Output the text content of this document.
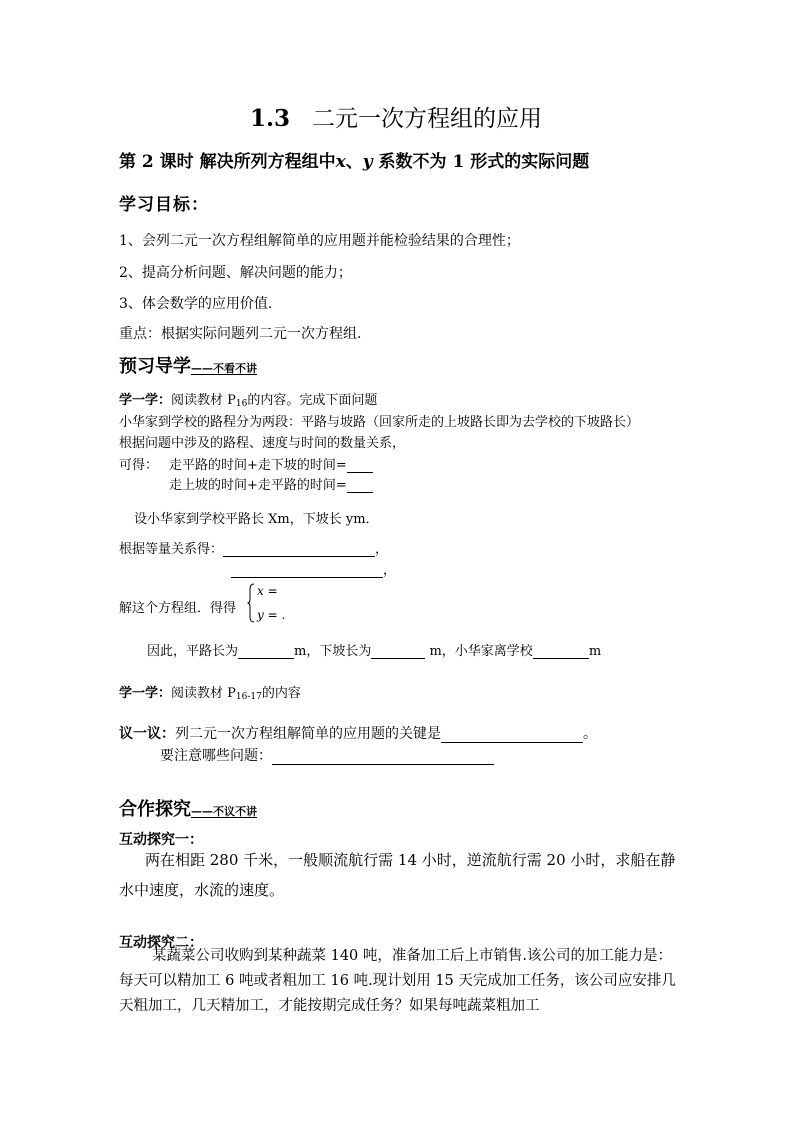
1.3 二元一次方程组的应用
第 2 课时 解决所列方程组中x、y 系数不为 1 形式的实际问题
学习目标：
1、会列二元一次方程组解简单的应用题并能检验结果的合理性；
2、提高分析问题、解决问题的能力；
3、体会数学的应用价值.
重点：根据实际问题列二元一次方程组.
预习导学——不看不讲
学一学：阅读教材 $P_{16}$的内容。完成下面问题
小华家到学校的路程分为两段：平路与坡路（回家所走的上坡路长即为去学校的下坡路长）
根据问题中涉及的路程、速度与时间的数量关系，
可得： 走平路的时间+走下坡的时间=
走上坡的时间+走平路的时间=
设小华家到学校平路长 Xm，下坡长 ym．
根据等量关系得：	，
，
解这个方程组．得得
x =
y = .
因此，平路长为	m，下坡长为	m，小华家离学校	m
学一学：阅读教材 $P_{16-17}$的内容
议一议：列二元一次方程组解简单的应用题的关键是	。
要注意哪些问题：
合作探究——不议不讲
互动探究一：
两在相距 280 千米，一般顺流航行需 14 小时，逆流航行需 20 小时，求船在静水中速度，水流的速度。
互动探究二：
某蔬菜公司收购到某种蔬菜 140 吨，准备加工后上市销售.该公司的加工能力是：每天可以精加工 6 吨或者粗加工 16 吨.现计划用 15 天完成加工任务，该公司应安排几天粗加工，几天精加工，才能按期完成任务？如果每吨蔬菜粗加工
